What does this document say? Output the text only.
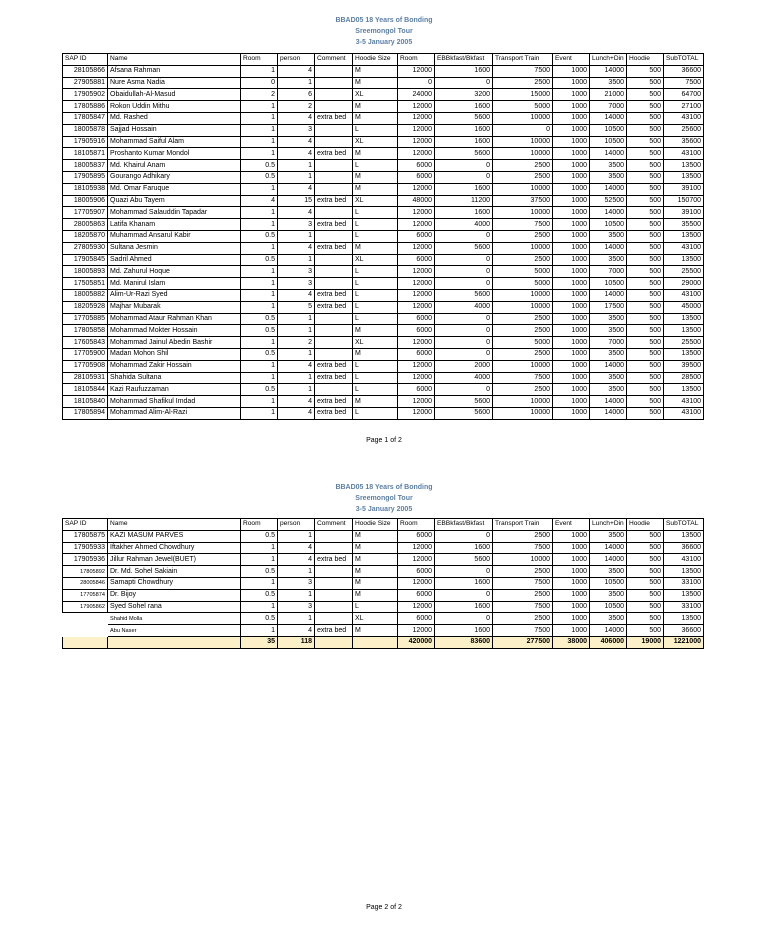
BBAD05 18 Years of Bonding
Sreemongol Tour
3-5 January 2005
SAP ID	Name	Room	person	Comment	Hoodie Size	Room	EBBkfast/Bkfast	Transport Train	Event	Lunch+Din	Hoodie	SubTOTAL
28105866	Afsana Rahman	1	4		M	12000	1600	7500	1000	14000	500	36600
27905881	Nure Asma Nadia	0	1		M	0	0	2500	1000	3500	500	7500
17905902	Obaidullah-Al-Masud	2	6		XL	24000	3200	15000	1000	21000	500	64700
17805886	Rokon Uddin Mithu	1	2		M	12000	1600	5000	1000	7000	500	27100
17805847	Md. Rashed	1	4	extra bed	M	12000	5600	10000	1000	14000	500	43100
18005878	Sajjad Hossain	1	3		L	12000	1600	0	1000	10500	500	25600
17905916	Mohammad Saiful Alam	1	4		XL	12000	1600	10000	1000	10500	500	35600
18105871	Proshanto Kumar Mondol	1	4	extra bed	M	12000	5600	10000	1000	14000	500	43100
18005837	Md. Khairul Anam	0.5	1		L	6000	0	2500	1000	3500	500	13500
17905895	Gourango Adhikary	0.5	1		M	6000	0	2500	1000	3500	500	13500
18105938	Md. Omar Faruque	1	4		M	12000	1600	10000	1000	14000	500	39100
18005906	Quazi Abu Tayem	4	15	extra bed	XL	48000	11200	37500	1000	52500	500	150700
17705907	Mohammad Salauddin Tapadar	1	4		L	12000	1600	10000	1000	14000	500	39100
28005863	Latifa Khanam	1	3	extra bed	L	12000	4000	7500	1000	10500	500	35500
18205870	Muhammad Ansarul Kabir	0.5	1		L	6000	0	2500	1000	3500	500	13500
27805930	Sultana Jesmin	1	4	extra bed	M	12000	5600	10000	1000	14000	500	43100
17905845	Sadril Ahmed	0.5	1		XL	6000	0	2500	1000	3500	500	13500
18005893	Md. Zahurul Hoque	1	3		L	12000	0	5000	1000	7000	500	25500
17505851	Md. Manirul Islam	1	3		L	12000	0	5000	1000	10500	500	29000
18005882	Alim-Ur-Razi Syed	1	4	extra bed	L	12000	5600	10000	1000	14000	500	43100
18205928	Majhar Mubarak	1	5	extra bed	L	12000	4000	10000	1000	17500	500	45000
17705885	Mohammad Ataur Rahman Khan	0.5	1		L	6000	0	2500	1000	3500	500	13500
17805858	Mohammad Mokter Hossain	0.5	1		M	6000	0	2500	1000	3500	500	13500
17605843	Mohammad Jainul Abedin Bashir	1	2		XL	12000	0	5000	1000	7000	500	25500
17705900	Madan Mohon Shil	0.5	1		M	6000	0	2500	1000	3500	500	13500
17705908	Mohammad Zakir Hossain	1	4	extra bed	L	12000	2000	10000	1000	14000	500	39500
28105931	Shahida Sultana	1	1	extra bed	L	12000	4000	7500	1000	3500	500	28500
18105844	Kazi Raufuzzaman	0.5	1		L	6000	0	2500	1000	3500	500	13500
18105840	Mohammad Shafikul Imdad	1	4	extra bed	M	12000	5600	10000	1000	14000	500	43100
17805894	Mohammad Alim-Al-Razi	1	4	extra bed	L	12000	5600	10000	1000	14000	500	43100
Page 1 of 2
BBAD05 18 Years of Bonding
Sreemongol Tour
3-5 January 2005
SAP ID	Name	Room	person	Comment	Hoodie Size	Room	EBBkfast/Bkfast	Transport Train	Event	Lunch+Din	Hoodie	SubTOTAL
17805875	KAZI MASUM PARVES	0.5	1		M	6000	0	2500	1000	3500	500	13500
17905933	Iftakher Ahmed Chowdhury	1	4		M	12000	1600	7500	1000	14000	500	36600
17905936	Jillur Rahman Jewel(BUET)	1	4	extra bed	M	12000	5600	10000	1000	14000	500	43100
17805892	Dr. Md. Sohel Sakiain	0.5	1		M	6000	0	2500	1000	3500	500	13500
28005846	Samapti Chowdhury	1	3		M	12000	1600	7500	1000	10500	500	33100
17705874	Dr. Bijoy	0.5	1		M	6000	0	2500	1000	3500	500	13500
17905862	Syed Sohel rana	1	3		L	12000	1600	7500	1000	10500	500	33100
	Shahid Molla	0.5	1		XL	6000	0	2500	1000	3500	500	13500
	Abu Naser	1	4	extra bed	M	12000	1600	7500	1000	14000	500	36600
		35	118			420000	83600	277500	38000	406000	19000	1221000
Page 2 of 2
